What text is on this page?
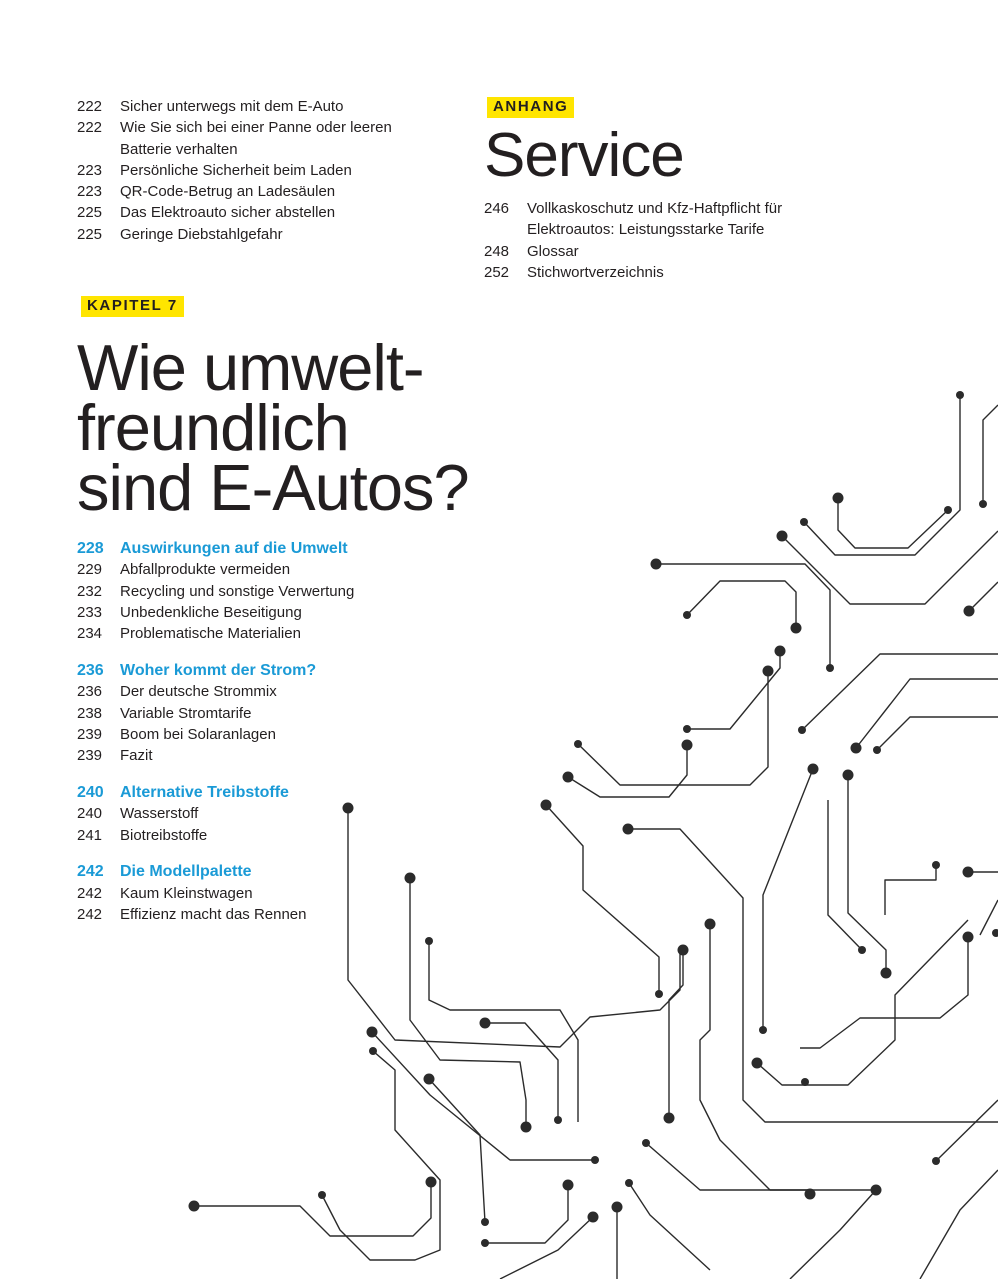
222	Sicher unterwegs mit dem E-Auto
222	Wie Sie sich bei einer Panne oder leeren
Batterie verhalten
223	Persönliche Sicherheit beim Laden
223	QR-Code-Betrug an Ladesäulen
225	Das Elektroauto sicher abstellen
225	Geringe Diebstahlgefahr
ANHANG
Service
246	Vollkaskoschutz und Kfz-Haftpflicht für
Elektroautos: Leistungsstarke Tarife
248	Glossar
252	Stichwortverzeichnis
KAPITEL 7
Wie umwelt-
freundlich
sind E-Autos?
228	Auswirkungen auf die Umwelt
229	Abfallprodukte vermeiden
232	Recycling und sonstige Verwertung
233	Unbedenkliche Beseitigung
234	Problematische Materialien
236	Woher kommt der Strom?
236	Der deutsche Strommix
238	Variable Stromtarife
239	Boom bei Solaranlagen
239	Fazit
240	Alternative Treibstoffe
240	Wasserstoff
241	Biotreibstoffe
242	Die Modellpalette
242	Kaum Kleinstwagen
242	Effizienz macht das Rennen
